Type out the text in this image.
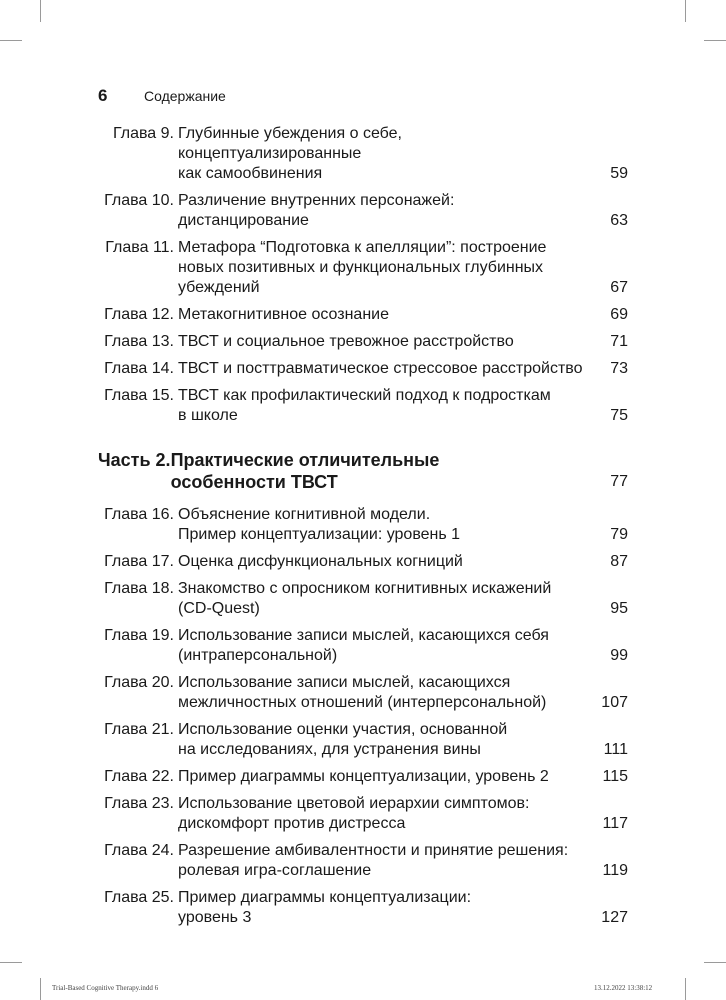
6	Содержание
Глава 9. Глубинные убеждения о себе, концептуализированные
как самообвинения	59
Глава 10. Различение внутренних персонажей:
дистанцирование	63
Глава 11. Метафора “Подготовка к апелляции”: построение
новых позитивных и функциональных глубинных
убеждений	67
Глава 12. Метакогнитивное осознание	69
Глава 13. ТВСТ и социальное тревожное расстройство	71
Глава 14. ТВСТ и посттравматическое стрессовое расстройство	73
Глава 15. ТВСТ как профилактический подход к подросткам
в школе	75
Часть 2. Практические отличительные
особенности ТВСТ	77
Глава 16. Объяснение когнитивной модели.
Пример концептуализации: уровень 1	79
Глава 17. Оценка дисфункциональных когниций	87
Глава 18. Знакомство с опросником когнитивных искажений
(CD-Quest)	95
Глава 19. Использование записи мыслей, касающихся себя
(интраперсональной)	99
Глава 20. Использование записи мыслей, касающихся
межличностных отношений (интерперсональной)	107
Глава 21. Использование оценки участия, основанной
на исследованиях, для устранения вины	111
Глава 22. Пример диаграммы концептуализации, уровень 2	115
Глава 23. Использование цветовой иерархии симптомов:
дискомфорт против дистресса	117
Глава 24. Разрешение амбивалентности и принятие решения:
ролевая игра-соглашение	119
Глава 25. Пример диаграммы концептуализации:
уровень 3	127
Trial-Based Cognitive Therapy.indd 6	13.12.2022 13:38:12
